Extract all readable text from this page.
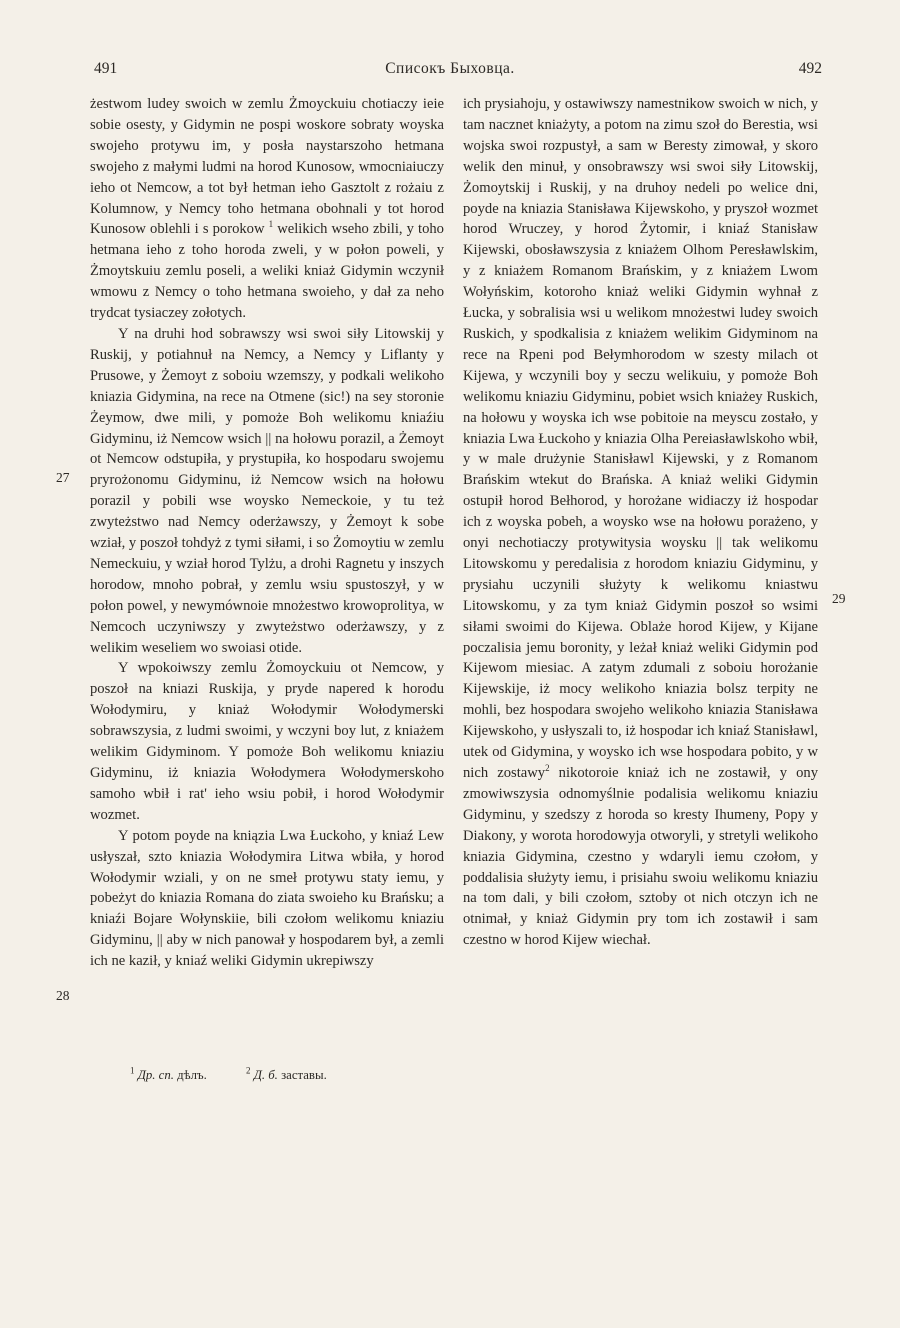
491	Списокъ Быховца.	492
27
28
29

żestwom ludey swoich w zemlu Żmoyckuiu chotiaczy ieie sobie osesty, y Gidymin ne pospi woskore sobraty woyska swojeho protywu im, y posła naystarszoho hetmana swojeho z małymi ludmi na horod Kunosow, wmocniaiuczy ieho ot Nemcow, a tot był hetman ieho Gasztolt z rożaiu z Kolumnow, y Nemcy toho hetmana obohnali y tot horod Kunosow oblehli i s porokow $^1$ welikich wseho zbili, y toho hetmana ieho z toho horoda zweli, y w połon poweli, y Żmoytskuiu zemlu poseli, a weliki kniaż Gidymin wczynił wmowu z Nemcy o toho hetmana swoieho, y dał za neho trydcat tysiaczey zołotych.

Y na druhi hod sobrawszy wsi swoi siły Litowskij y Ruskij, y potiahnuł na Nemcy, a Nemcy y Liflanty y Prusowe, y Żemoyt z soboiu wzemszy, y podkali welikoho kniazia Gidymina, na rece na Otmene (sic!) na sey storonie Żeymow, dwe mili, y pomoże Boh welikomu kniaźiu Gidyminu, iż Nemcow wsich || na hołowu porazil, a Żemoyt ot Nemcow odstupiła, y prystupiła, ko hospodaru swojemu pryrożonomu Gidyminu, iż Nemcow wsich na hołowu porazil y pobili wse woysko Nemeckoie, y tu też zwyteżstwo nad Nemcy oderżawszy, y Żemoyt k sobe wział, y poszoł tohdyż z tymi siłami, i so Żomoytiu w zemlu Nemeckuiu, y wział horod Tylżu, a drohi Ragnetu y inszych horodow, mnoho pobrał, y zemlu wsiu spustoszył, y w połon powel, y newymównoie mnożestwo krowoprolitya, w Nemcoch uczyniwszy y zwyteżstwo oderżawszy, y z welikim weseliem wo swoiasi otide.

Y wpokoiwszy zemlu Żomoyckuiu ot Nemcow, y poszoł na kniazi Ruskija, y pryde napered k horodu Wołodymiru, y kniaż Wołodymir Wołodymerski sobrawszysia, z ludmi swoimi, y wczyni boy lut, z kniażem welikim Gidyminom. Y pomoże Boh welikomu kniaziu Gidyminu, iż kniazia Wołodymera Wołodymerskoho samoho wbił i rat' ieho wsiu pobił, i horod Wołodymir wozmet.

Y potom poyde na kniązia Lwa Łuckoho, y kniaź Lew usłyszał, szto kniazia Wołodymira Litwa wbiła, y horod Wołodymir wziali, y on ne smeł protywu staty iemu, y pobeżyt do kniazia Romana do ziata swoieho ku Brańsku; a kniaźi Bojare Wołynskiie, bili czołom welikomu kniaziu Gidyminu, || aby w nich panował y hospodarem był, a zemli ich ne kaził, y kniaź weliki Gidymin ukrepiwszy

ich prysiahoju, y ostawiwszy namestnikow swoich w nich, y tam nacznet kniażyty, a potom na zimu szoł do Berestia, wsi wojska swoi rozpustył, a sam w Beresty zimował, y skoro welik den minuł, y onsobrawszy wsi swoi siły Litowskij, Żomoytskij i Ruskij, y na druhoy nedeli po welice dni, poyde na kniazia Stanisława Kijewskoho, y pryszoł wozmet horod Wruczey, y horod Żytomir, i kniaź Stanisław Kijewski, obosławszysia z kniażem Olhom Peresławlskim, y z kniażem Romanom Brańskim, y z kniażem Lwom Wołyńskim, kotoroho kniaż weliki Gidymin wyhnał z Łucka, y sobralisia wsi u welikom mnożestwi ludey swoich Ruskich, y spodkalisia z kniażem welikim Gidyminom na rece na Rpeni pod Bełymhorodom w szesty milach ot Kijewa, y wczynili boy y seczu welikuiu, y pomoże Boh welikomu kniaziu Gidyminu, pobiet wsich kniażey Ruskich, na hołowu y woyska ich wse pobitoie na meyscu zostało, y kniazia Lwa Łuckoho y kniazia Olha Pereiasławlskoho wbił, y w male drużynie Stanisławl Kijewski, y z Romanom Brańskim wtekut do Brańska. A kniaż weliki Gidymin ostupił horod Bełhorod, y horożane widiaczy iż hospodar ich z woyska pobeh, a woysko wse na hołowu porażeno, y onyi nechotiaczy protywitysia woysku || tak welikomu Litowskomu y peredalisia z horodom kniaziu Gidyminu, y prysiahu uczynili służyty k welikomu kniastwu Litowskomu, y za tym kniaż Gidymin poszoł so wsimi siłami swoimi do Kijewa. Oblaże horod Kijew, y Kijane poczalisia jemu boronity, y leżał kniaż weliki Gidymin pod Kijewom miesiac. A zatym zdumali z soboiu horożanie Kijewskije, iż mocy welikoho kniazia bolsz terpity ne mohli, bez hospodara swojeho welikoho kniazia Stanisława Kijewskoho, y usłyszali to, iż hospodar ich kniaź Stanisławl, utek od Gidymina, y woysko ich wse hospodara pobito, y w nich zostawy$^2$ nikotoroie kniaż ich ne zostawił, y ony zmowiwszysia odnomyślnie podalisia welikomu kniaziu Gidyminu, y szedszy z horoda so kresty Ihumeny, Popy y Diakony, y worota horodowyja otworyli, y stretyli welikoho kniazia Gidymina, czestno y wdaryli iemu czołom, y poddalisia służyty iemu, i prisiahu swoiu welikomu kniaziu na tom dali, y bili czołom, sztoby ot nich otczyn ich ne otnimał, y kniaż Gidymin pry tom ich zostawił i sam czestno w horod Kijew wiechał.

$^1$ Др. сп. дѣлъ.	$^2$ Д. б. заставы.
